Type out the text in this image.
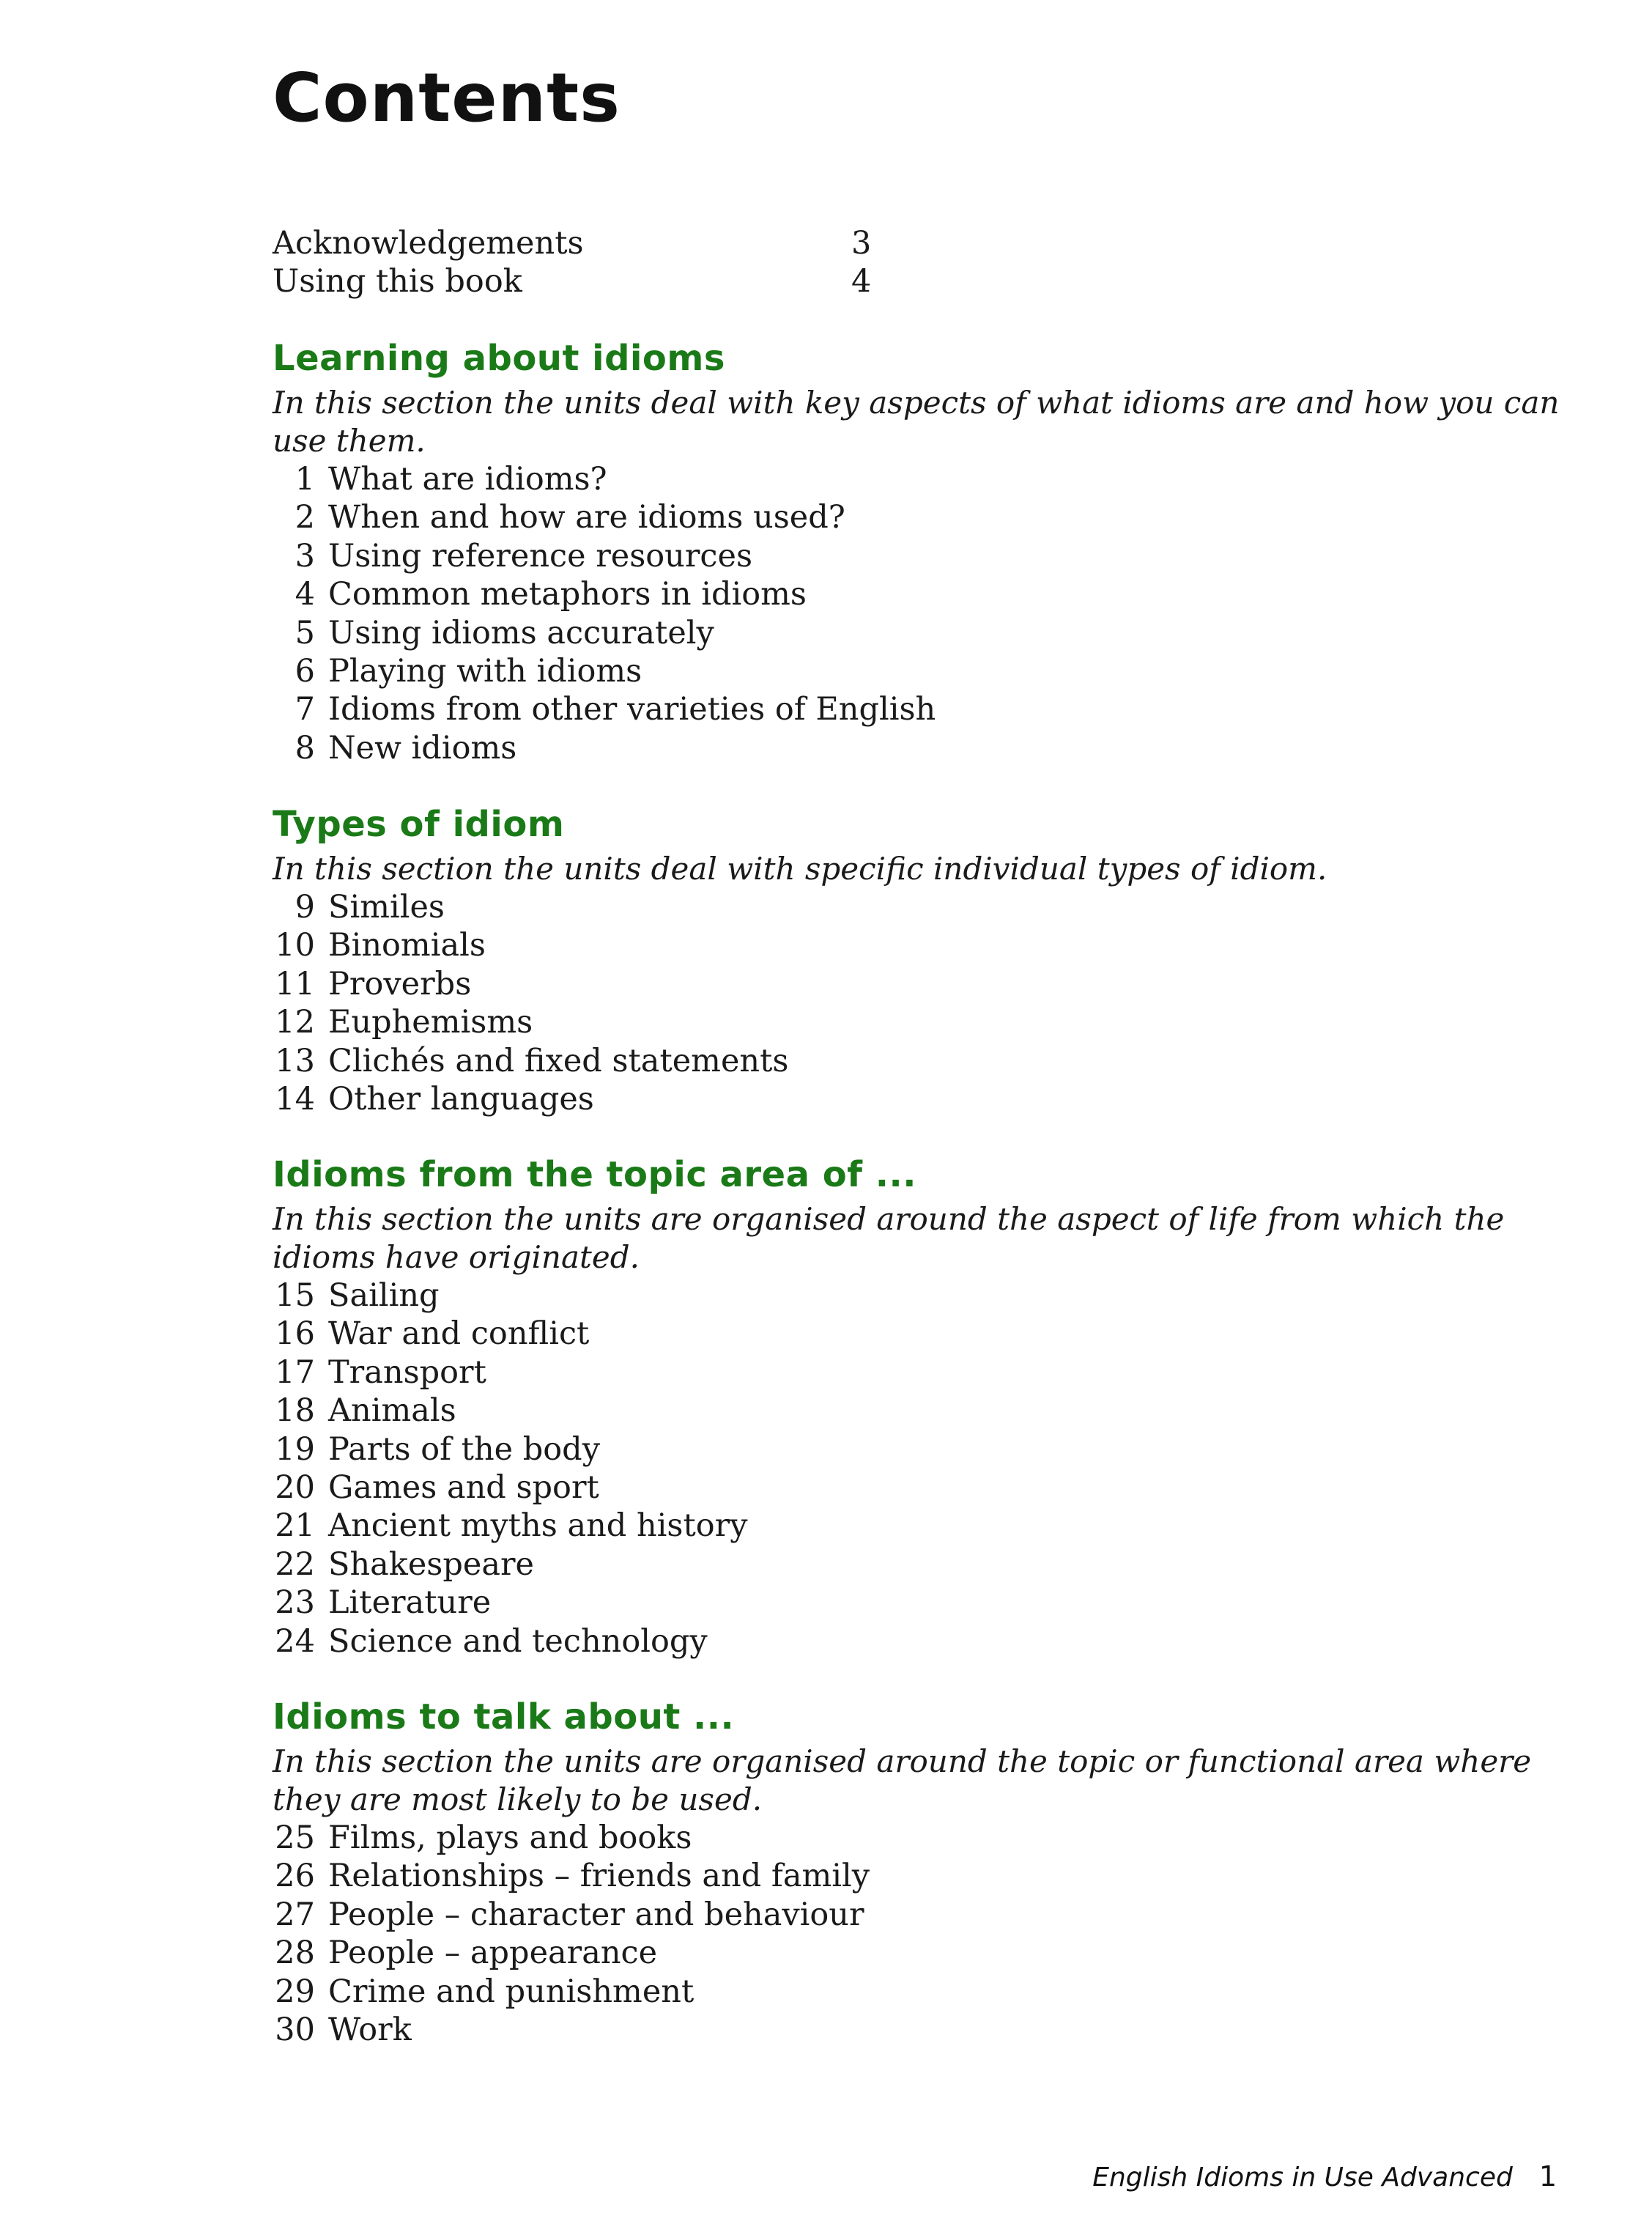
Contents
Acknowledgements	3
Using this book	4
Learning about idioms

In this section the units deal with key aspects of what idioms are and how you can use them.

1 What are idioms?
2 When and how are idioms used?
3 Using reference resources
4 Common metaphors in idioms
5 Using idioms accurately
6 Playing with idioms
7 Idioms from other varieties of English
8 New idioms
Types of idiom

In this section the units deal with specific individual types of idiom.

9 Similes
10 Binomials
11 Proverbs
12 Euphemisms
13 Clichés and fixed statements
14 Other languages
Idioms from the topic area of ...

In this section the units are organised around the aspect of life from which the idioms have originated.

15 Sailing
16 War and conflict
17 Transport
18 Animals
19 Parts of the body
20 Games and sport
21 Ancient myths and history
22 Shakespeare
23 Literature
24 Science and technology
Idioms to talk about ...

In this section the units are organised around the topic or functional area where they are most likely to be used.

25 Films, plays and books
26 Relationships – friends and family
27 People – character and behaviour
28 People – appearance
29 Crime and punishment
30 Work
English Idioms in Use Advanced 1
